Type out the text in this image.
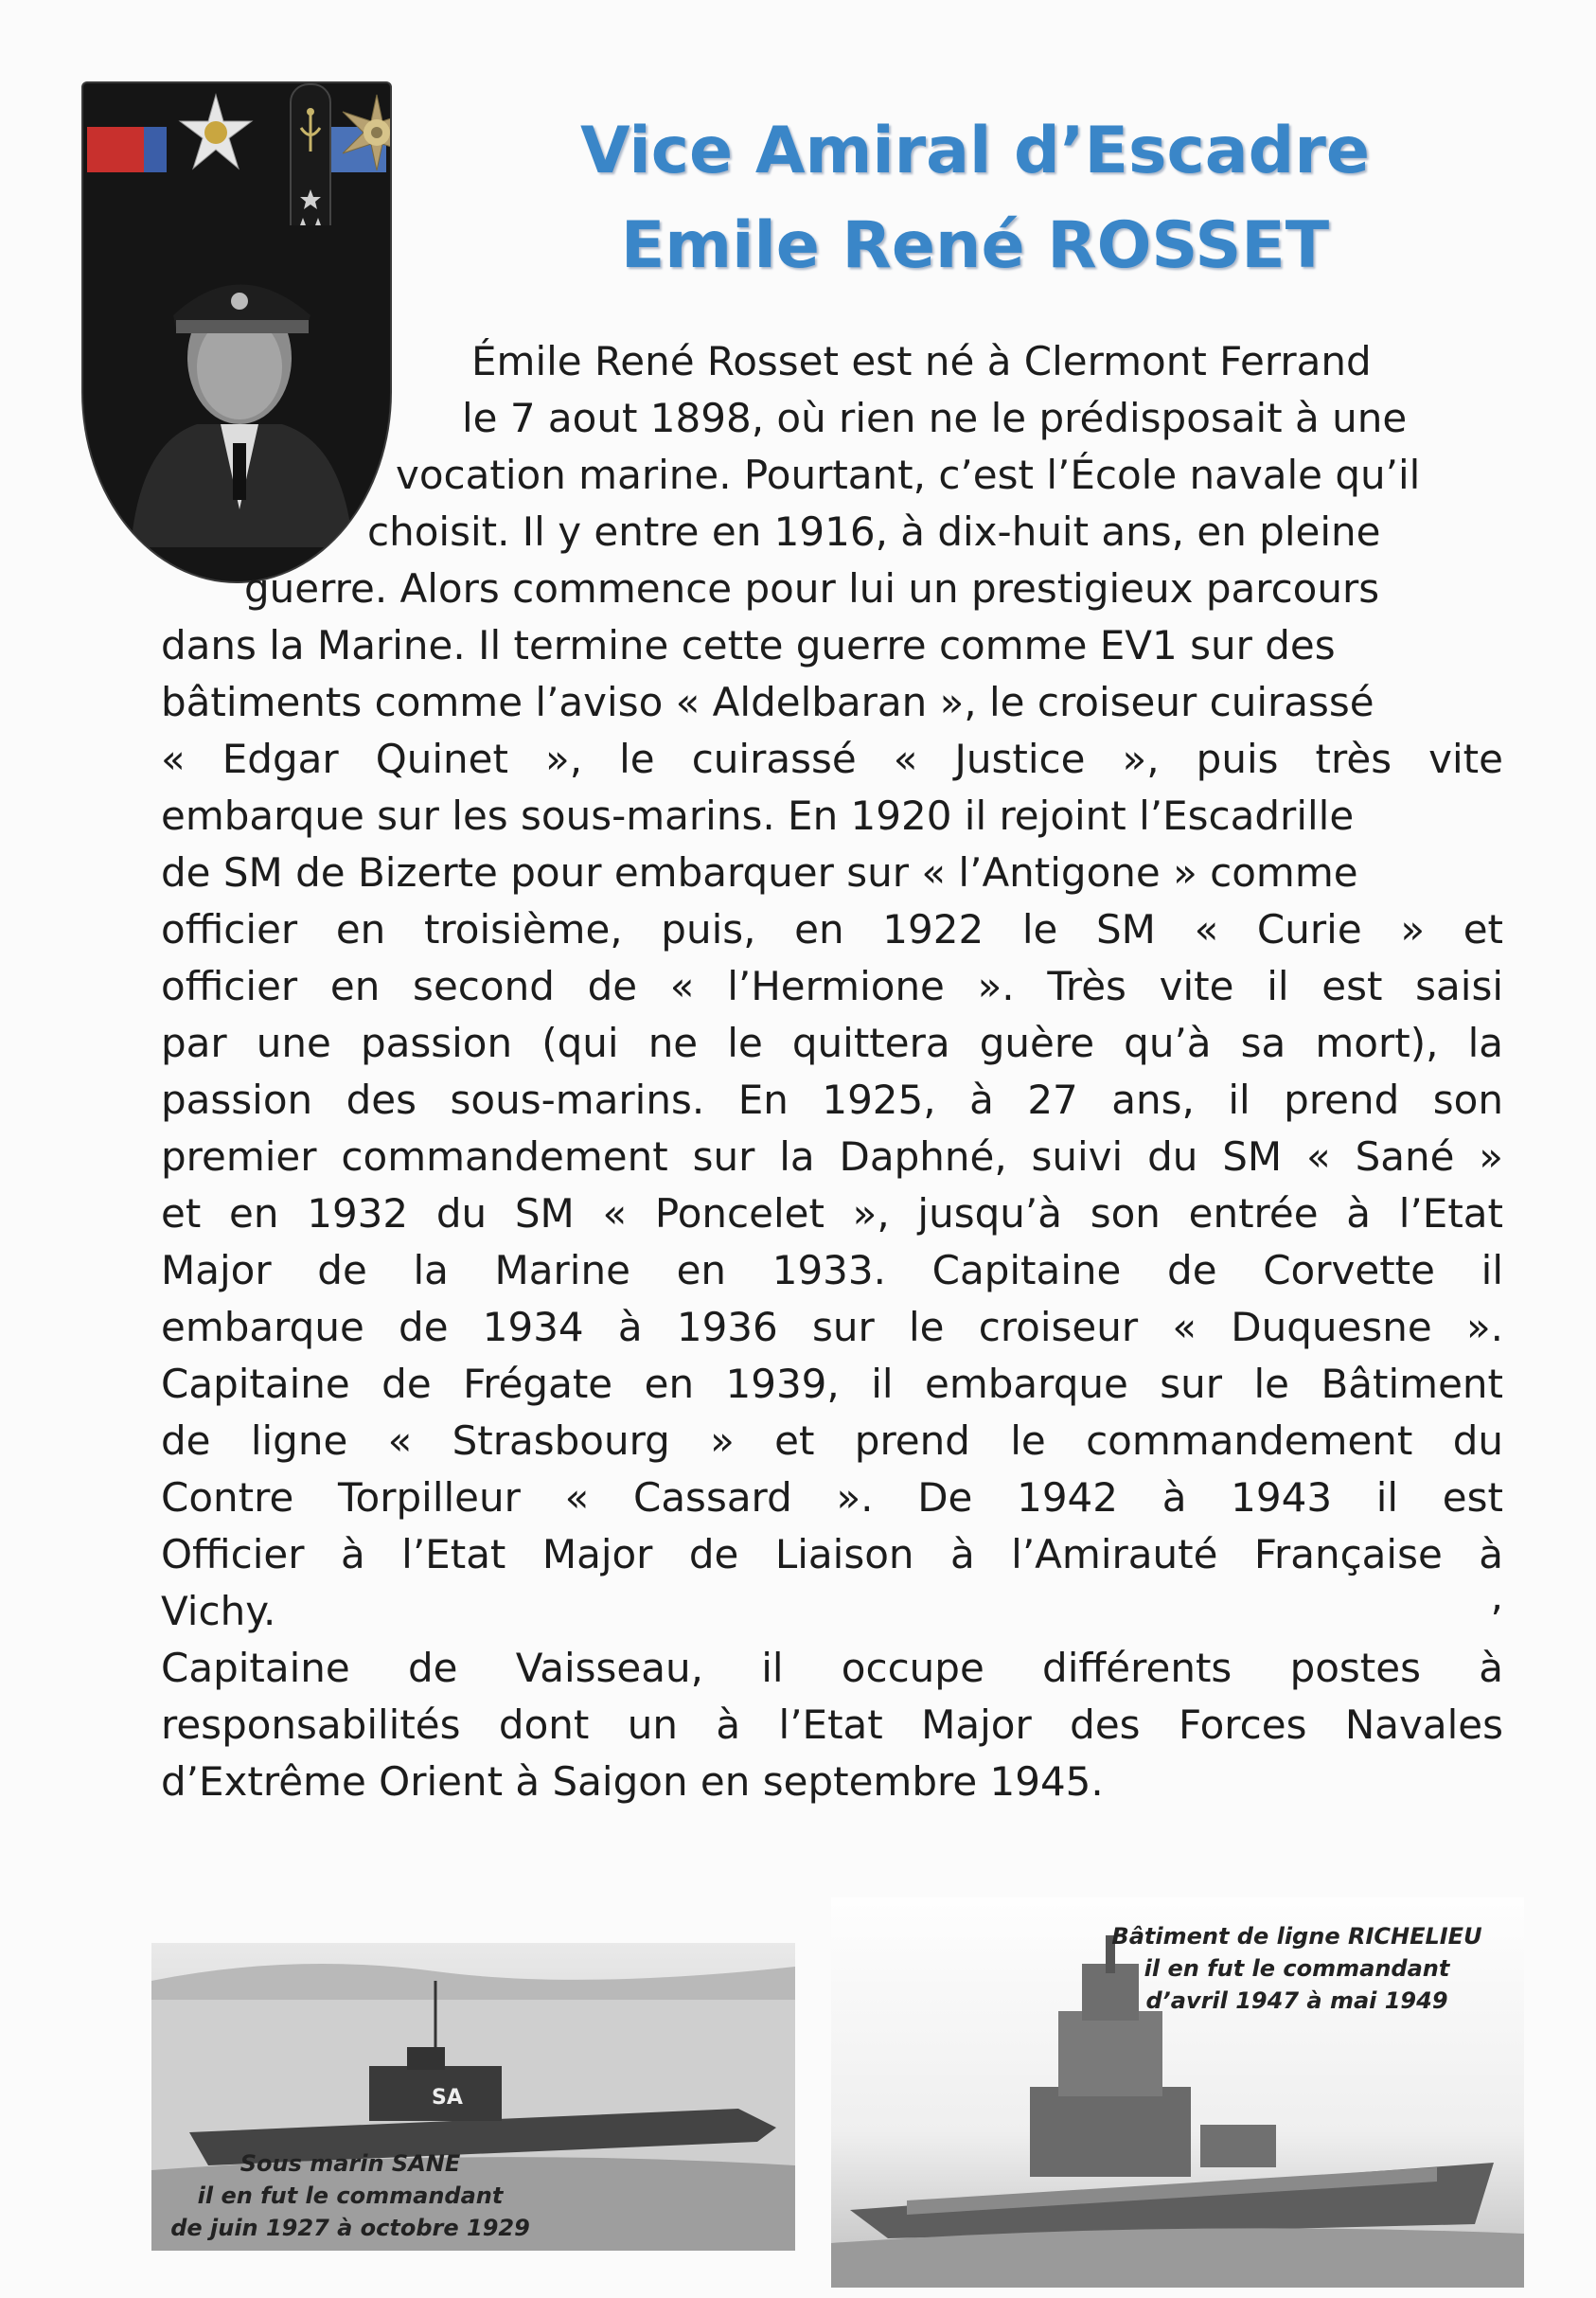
Vice Amiral d’Escadre
Emile René ROSSET
Émile René Rosset est né à Clermont Ferrand
le 7 aout 1898, où rien ne le prédisposait à une
vocation marine. Pourtant, c’est l’École navale qu’il
choisit. Il y entre en 1916, à dix-huit ans, en pleine
guerre. Alors commence pour lui un prestigieux parcours
dans la Marine. Il termine cette guerre comme EV1 sur des
bâtiments comme l’aviso « Aldelbaran », le croiseur cuirassé
« Edgar Quinet », le cuirassé « Justice », puis très vite
embarque sur les sous-marins. En 1920 il rejoint l’Escadrille
de SM de Bizerte pour embarquer sur « l’Antigone » comme
officier en troisième, puis, en 1922 le SM « Curie » et
officier en second de « l’Hermione ». Très vite il est saisi
par une passion (qui ne le quittera guère qu’à sa mort), la
passion des sous-marins. En 1925, à 27 ans, il prend son
premier commandement sur la Daphné, suivi du SM « Sané »
et en 1932 du SM « Poncelet », jusqu’à son entrée à l’Etat
Major de la Marine en 1933. Capitaine de Corvette il
embarque de 1934 à 1936 sur le croiseur « Duquesne ».
Capitaine de Frégate en 1939, il embarque sur le Bâtiment
de ligne « Strasbourg » et prend le commandement du
Contre Torpilleur « Cassard ». De 1942 à 1943 il est
Officier à l’Etat Major de Liaison à l’Amirauté Française à
Vichy.	,
Capitaine de Vaisseau, il occupe différents postes à
responsabilités dont un à l’Etat Major des Forces Navales
d’Extrême Orient à Saigon en septembre 1945.
SA
Sous marin SANE
il en fut le commandant
de juin 1927 à octobre 1929
Bâtiment de ligne RICHELIEU
il en fut le commandant
d’avril 1947 à mai 1949
